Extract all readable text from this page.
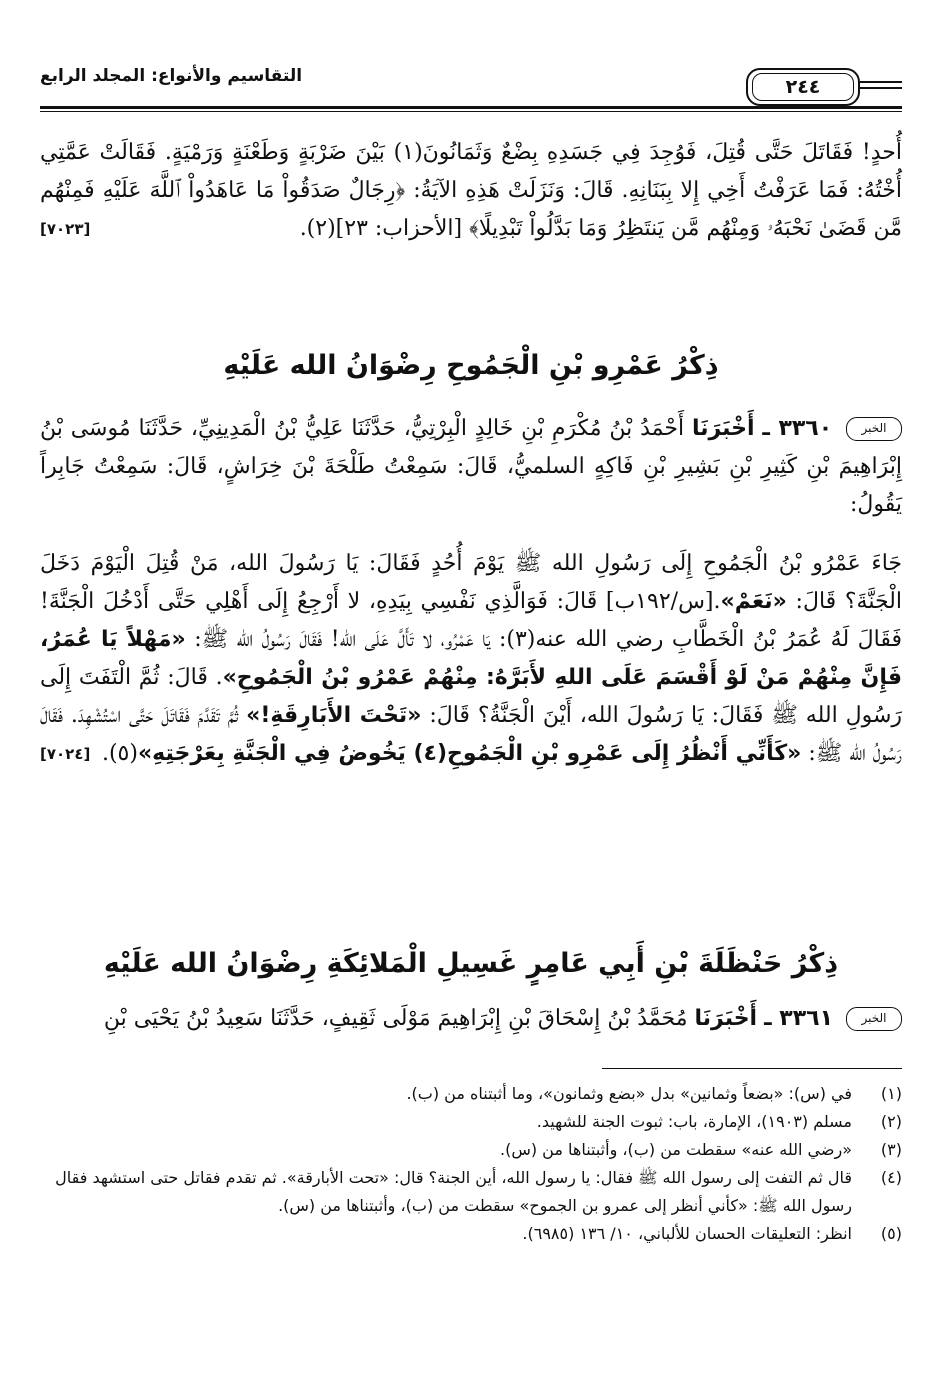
التقاسيم والأنواع: المجلد الرابع	٢٤٤
أُحدٍ! فَقَاتَلَ حَتَّى قُتِلَ، فَوُجِدَ فِي جَسَدِهِ بِضْعٌ وَثَمَانُونَ(١) بَيْنَ ضَرْبَةٍ وَطَعْنَةٍ وَرَمْيَةٍ. فَقَالَتْ عَمَّتِي أُخْتُهُ: فَمَا عَرَفْتُ أَخِي إِلا بِبَنَانِهِ. قَالَ: وَنَزَلَتْ هَذِهِ الآيَةُ: ﴿رِجَالٌ صَدَقُواْ مَا عَاهَدُواْ ٱللَّهَ عَلَيْهِ فَمِنْهُم مَّن قَضَىٰ نَحْبَهُۥ وَمِنْهُم مَّن يَنتَظِرُ وَمَا بَدَّلُواْ تَبْدِيلًا﴾ [الأحزاب: ٢٣](٢).
[٧٠٢٣]
ذِكْرُ عَمْرِو بْنِ الْجَمُوحِ رِضْوَانُ الله عَلَيْهِ
الخبر ٣٣٦٠ ـ أَخْبَرَنَا أَحْمَدُ بْنُ مُكْرَمِ بْنِ خَالِدٍ الْبِرْتِيُّ، حَدَّثَنَا عَلِيُّ بْنُ الْمَدِينِيِّ، حَدَّثَنَا مُوسَى بْنُ إِبْرَاهِيمَ بْنِ كَثِيرِ بْنِ بَشِيرِ بْنِ فَاكِهٍ السلميُّ، قَالَ: سَمِعْتُ طَلْحَةَ بْنَ خِرَاشٍ، قَالَ: سَمِعْتُ جَابِراً يَقُولُ:
جَاءَ عَمْرُو بْنُ الْجَمُوحِ إِلَى رَسُولِ الله ﷺ يَوْمَ أُحُدٍ فَقَالَ: يَا رَسُولَ الله، مَنْ قُتِلَ الْيَوْمَ دَخَلَ الْجَنَّةَ؟ قَالَ: «نَعَمْ».[س/١٩٢ب] قَالَ: فَوَالَّذِي نَفْسِي بِيَدِهِ، لا أَرْجِعُ إِلَى أَهْلِي حَتَّى أَدْخُلَ الْجَنَّةَ! فَقَالَ لَهُ عُمَرُ بْنُ الْخَطَّابِ رضي الله عنه(٣): يَا عَمْرُو، لا تَأَلَّ عَلَى الله! فَقَالَ رَسُولُ الله ﷺ: «مَهْلاً يَا عُمَرُ، فَإِنَّ مِنْهُمْ مَنْ لَوْ أَقْسَمَ عَلَى اللهِ لأَبَرَّهُ: مِنْهُمْ عَمْرُو بْنُ الْجَمُوحِ». قَالَ: ثُمَّ الْتَفَتَ إِلَى رَسُولِ الله ﷺ فَقَالَ: يَا رَسُولَ الله، أَيْنَ الْجَنَّةُ؟ قَالَ: «تَحْتَ الأَبَارِقَةِ!» ثُمَّ تَقَدَّمَ فَقَاتَلَ حَتَّى اسْتُشْهِدَ. فَقَالَ رَسُولُ الله ﷺ: «كَأَنِّي أَنْظُرُ إِلَى عَمْرِو بْنِ الْجَمُوحِ(٤) يَخُوضُ فِي الْجَنَّةِ بِعَرْجَتِهِ»(٥).
[٧٠٢٤]
ذِكْرُ حَنْظَلَةَ بْنِ أَبِي عَامِرٍ غَسِيلِ الْمَلائِكَةِ رِضْوَانُ الله عَلَيْهِ
الخبر ٣٣٦١ ـ أَخْبَرَنَا مُحَمَّدُ بْنُ إِسْحَاقَ بْنِ إِبْرَاهِيمَ مَوْلَى ثَقِيفٍ، حَدَّثَنَا سَعِيدُ بْنُ يَحْيَى بْنِ
(١)
في (س): «بضعاً وثمانين» بدل «بضع وثمانون»، وما أثبتناه من (ب).
(٢)
مسلم (١٩٠٣)، الإمارة، باب: ثبوت الجنة للشهيد.
(٣)
«رضي الله عنه» سقطت من (ب)، وأثبتناها من (س).
(٤)
قال ثم التفت إلى رسول الله ﷺ فقال: يا رسول الله، أين الجنة؟ قال: «تحت الأبارقة». ثم تقدم فقاتل حتى استشهد فقال رسول الله ﷺ: «كأني أنظر إلى عمرو بن الجموح» سقطت من (ب)، وأثبتناها من (س).
(٥)
انظر: التعليقات الحسان للألباني، ١٠/ ١٣٦ (٦٩٨٥).
